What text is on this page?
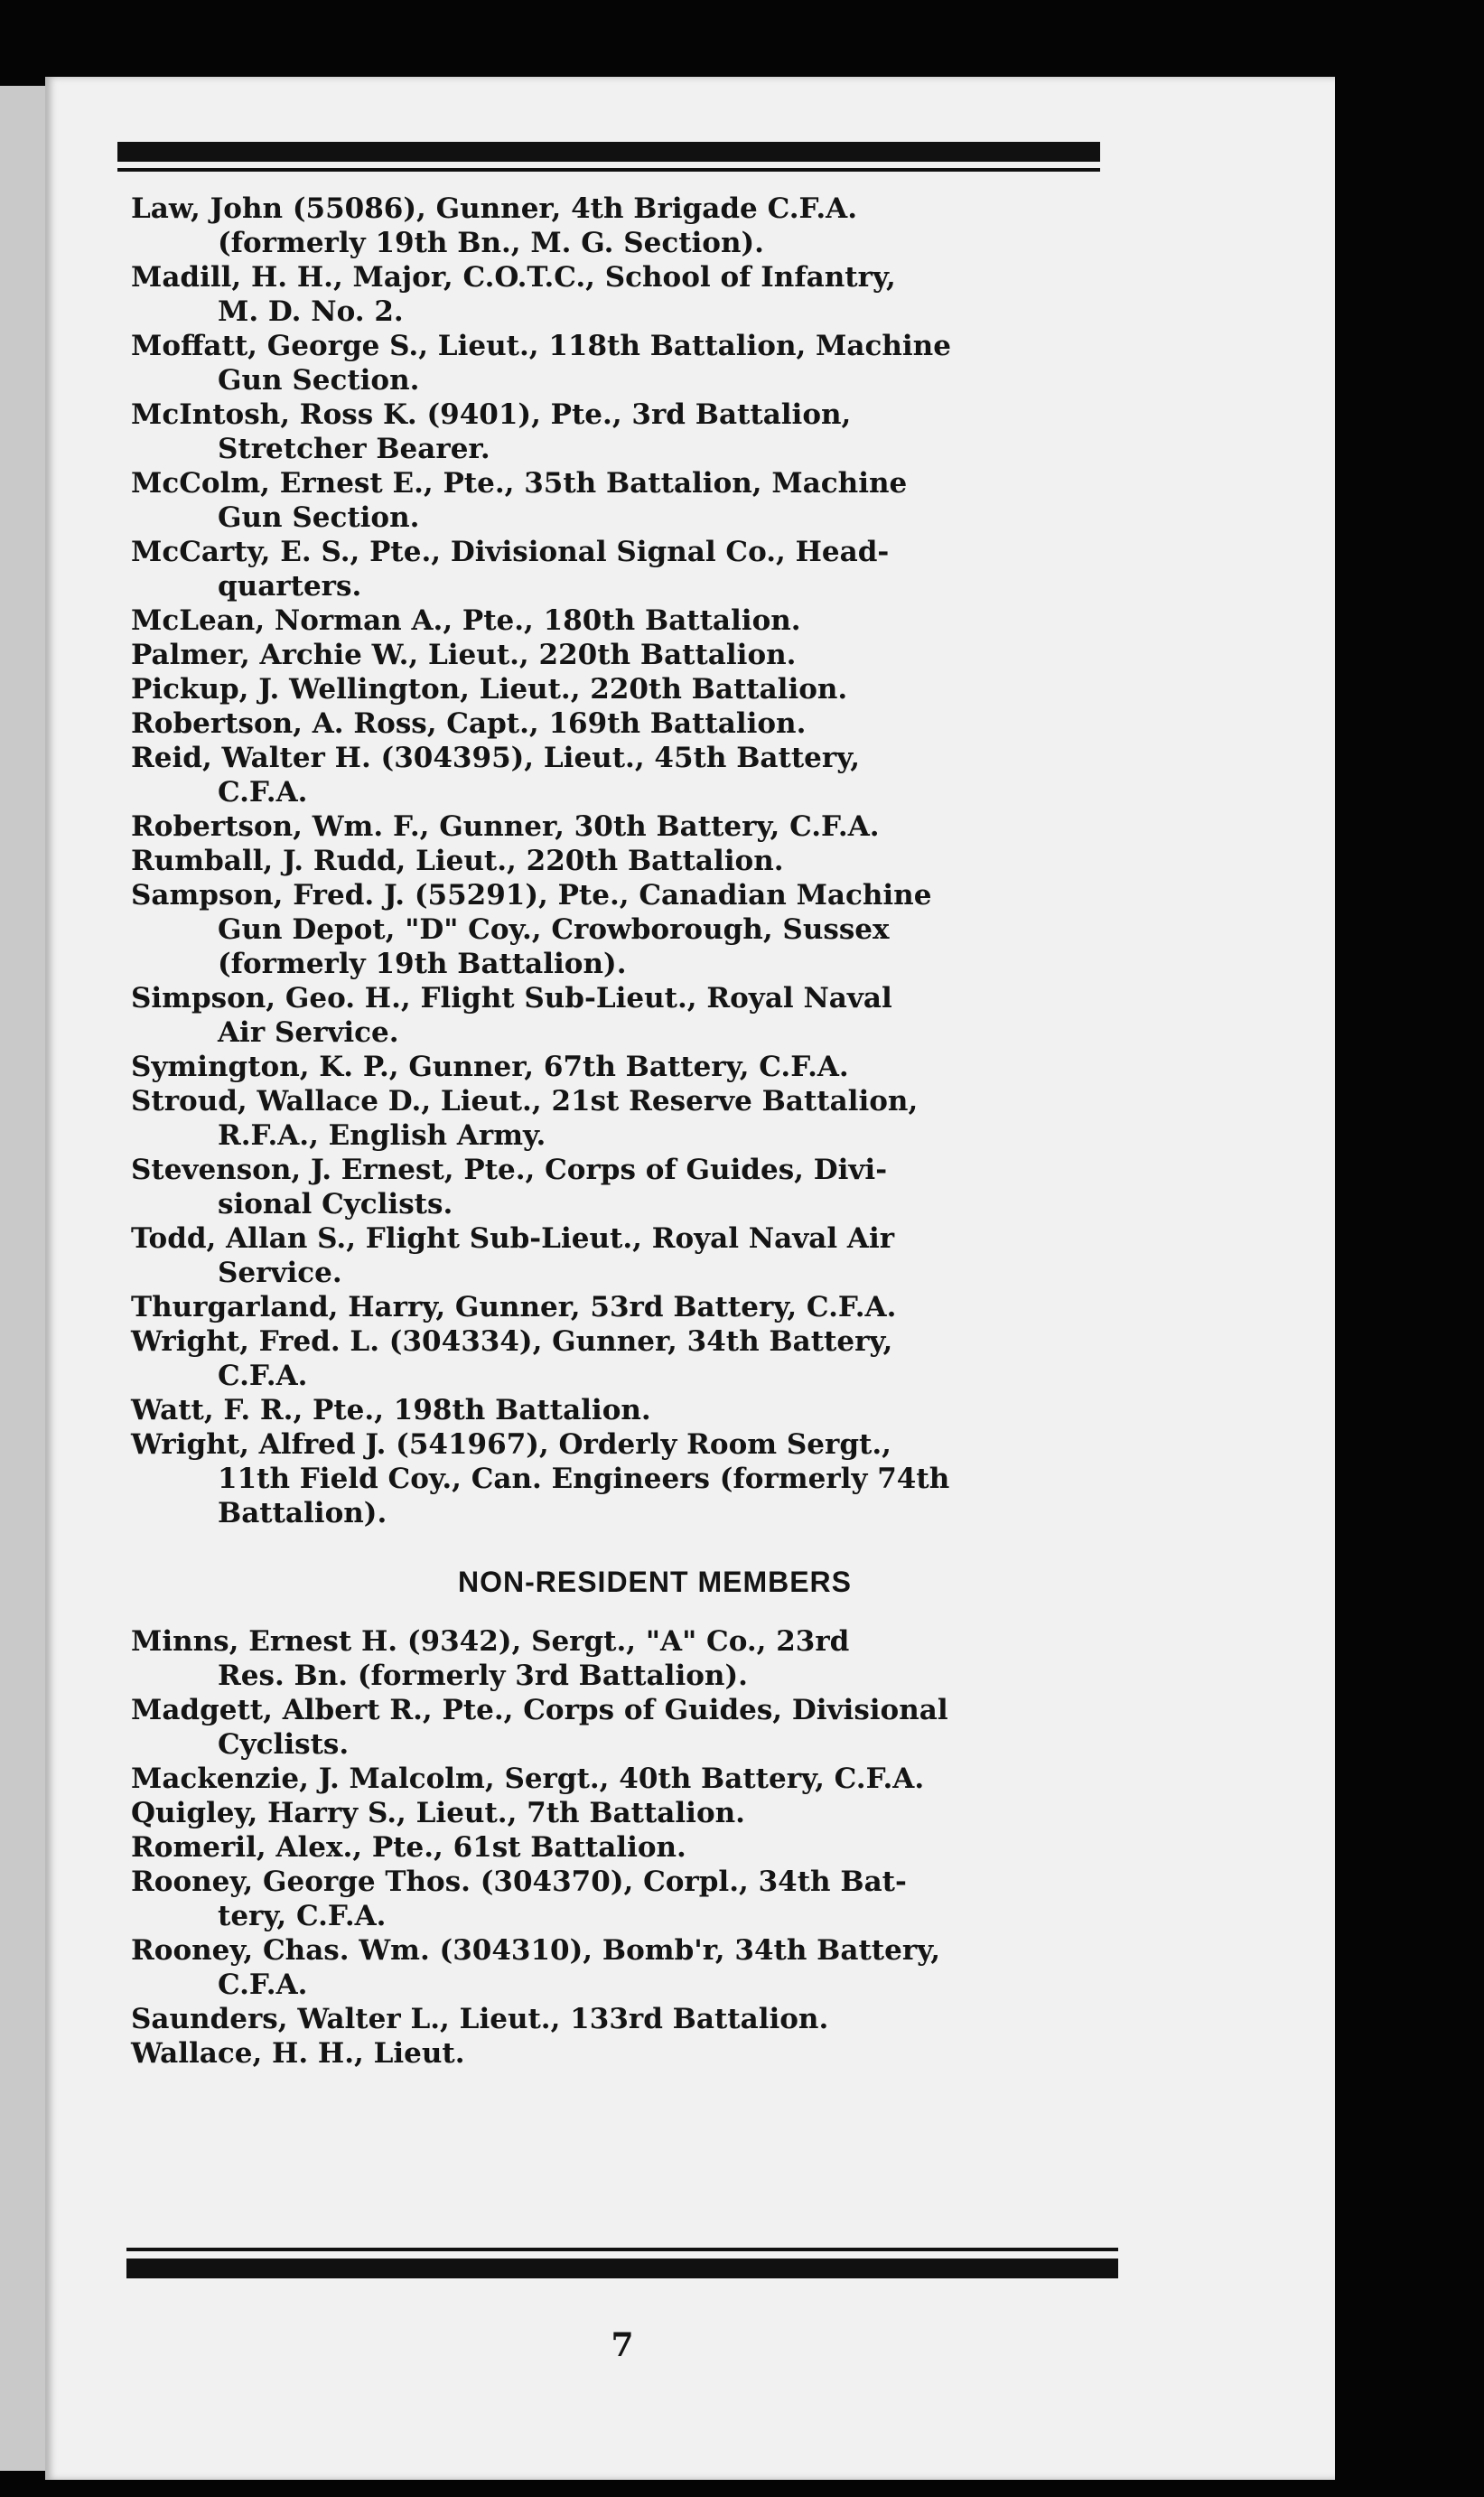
Law, John (55086), Gunner, 4th Brigade C.F.A.
(formerly 19th Bn., M. G. Section).

Madill, H. H., Major, C.O.T.C., School of Infantry,
M. D. No. 2.

Moffatt, George S., Lieut., 118th Battalion, Machine
Gun Section.

McIntosh, Ross K. (9401), Pte., 3rd Battalion,
Stretcher Bearer.

McColm, Ernest E., Pte., 35th Battalion, Machine
Gun Section.

McCarty, E. S., Pte., Divisional Signal Co., Head-
quarters.

McLean, Norman A., Pte., 180th Battalion.

Palmer, Archie W., Lieut., 220th Battalion.

Pickup, J. Wellington, Lieut., 220th Battalion.

Robertson, A. Ross, Capt., 169th Battalion.

Reid, Walter H. (304395), Lieut., 45th Battery,
C.F.A.

Robertson, Wm. F., Gunner, 30th Battery, C.F.A.

Rumball, J. Rudd, Lieut., 220th Battalion.

Sampson, Fred. J. (55291), Pte., Canadian Machine
Gun Depot, "D" Coy., Crowborough, Sussex
(formerly 19th Battalion).

Simpson, Geo. H., Flight Sub-Lieut., Royal Naval
Air Service.

Symington, K. P., Gunner, 67th Battery, C.F.A.

Stroud, Wallace D., Lieut., 21st Reserve Battalion,
R.F.A., English Army.

Stevenson, J. Ernest, Pte., Corps of Guides, Divi-
sional Cyclists.

Todd, Allan S., Flight Sub-Lieut., Royal Naval Air
Service.

Thurgarland, Harry, Gunner, 53rd Battery, C.F.A.

Wright, Fred. L. (304334), Gunner, 34th Battery,
C.F.A.

Watt, F. R., Pte., 198th Battalion.

Wright, Alfred J. (541967), Orderly Room Sergt.,
11th Field Coy., Can. Engineers (formerly 74th
Battalion).

NON-RESIDENT MEMBERS

Minns, Ernest H. (9342), Sergt., "A" Co., 23rd
Res. Bn. (formerly 3rd Battalion).

Madgett, Albert R., Pte., Corps of Guides, Divisional
Cyclists.

Mackenzie, J. Malcolm, Sergt., 40th Battery, C.F.A.

Quigley, Harry S., Lieut., 7th Battalion.

Romeril, Alex., Pte., 61st Battalion.

Rooney, George Thos. (304370), Corpl., 34th Bat-
tery, C.F.A.

Rooney, Chas. Wm. (304310), Bomb'r, 34th Battery,
C.F.A.

Saunders, Walter L., Lieut., 133rd Battalion.

Wallace, H. H., Lieut.

7
